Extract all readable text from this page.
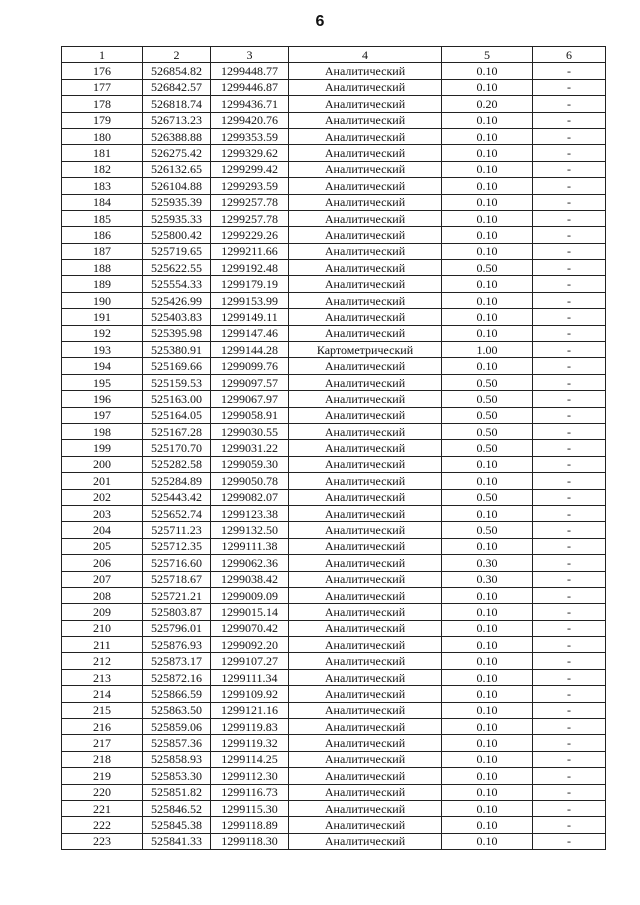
6
1	2	3	4	5	6
176	526854.82	1299448.77	Аналитический	0.10	-
177	526842.57	1299446.87	Аналитический	0.10	-
178	526818.74	1299436.71	Аналитический	0.20	-
179	526713.23	1299420.76	Аналитический	0.10	-
180	526388.88	1299353.59	Аналитический	0.10	-
181	526275.42	1299329.62	Аналитический	0.10	-
182	526132.65	1299299.42	Аналитический	0.10	-
183	526104.88	1299293.59	Аналитический	0.10	-
184	525935.39	1299257.78	Аналитический	0.10	-
185	525935.33	1299257.78	Аналитический	0.10	-
186	525800.42	1299229.26	Аналитический	0.10	-
187	525719.65	1299211.66	Аналитический	0.10	-
188	525622.55	1299192.48	Аналитический	0.50	-
189	525554.33	1299179.19	Аналитический	0.10	-
190	525426.99	1299153.99	Аналитический	0.10	-
191	525403.83	1299149.11	Аналитический	0.10	-
192	525395.98	1299147.46	Аналитический	0.10	-
193	525380.91	1299144.28	Картометрический	1.00	-
194	525169.66	1299099.76	Аналитический	0.10	-
195	525159.53	1299097.57	Аналитический	0.50	-
196	525163.00	1299067.97	Аналитический	0.50	-
197	525164.05	1299058.91	Аналитический	0.50	-
198	525167.28	1299030.55	Аналитический	0.50	-
199	525170.70	1299031.22	Аналитический	0.50	-
200	525282.58	1299059.30	Аналитический	0.10	-
201	525284.89	1299050.78	Аналитический	0.10	-
202	525443.42	1299082.07	Аналитический	0.50	-
203	525652.74	1299123.38	Аналитический	0.10	-
204	525711.23	1299132.50	Аналитический	0.50	-
205	525712.35	1299111.38	Аналитический	0.10	-
206	525716.60	1299062.36	Аналитический	0.30	-
207	525718.67	1299038.42	Аналитический	0.30	-
208	525721.21	1299009.09	Аналитический	0.10	-
209	525803.87	1299015.14	Аналитический	0.10	-
210	525796.01	1299070.42	Аналитический	0.10	-
211	525876.93	1299092.20	Аналитический	0.10	-
212	525873.17	1299107.27	Аналитический	0.10	-
213	525872.16	1299111.34	Аналитический	0.10	-
214	525866.59	1299109.92	Аналитический	0.10	-
215	525863.50	1299121.16	Аналитический	0.10	-
216	525859.06	1299119.83	Аналитический	0.10	-
217	525857.36	1299119.32	Аналитический	0.10	-
218	525858.93	1299114.25	Аналитический	0.10	-
219	525853.30	1299112.30	Аналитический	0.10	-
220	525851.82	1299116.73	Аналитический	0.10	-
221	525846.52	1299115.30	Аналитический	0.10	-
222	525845.38	1299118.89	Аналитический	0.10	-
223	525841.33	1299118.30	Аналитический	0.10	-
